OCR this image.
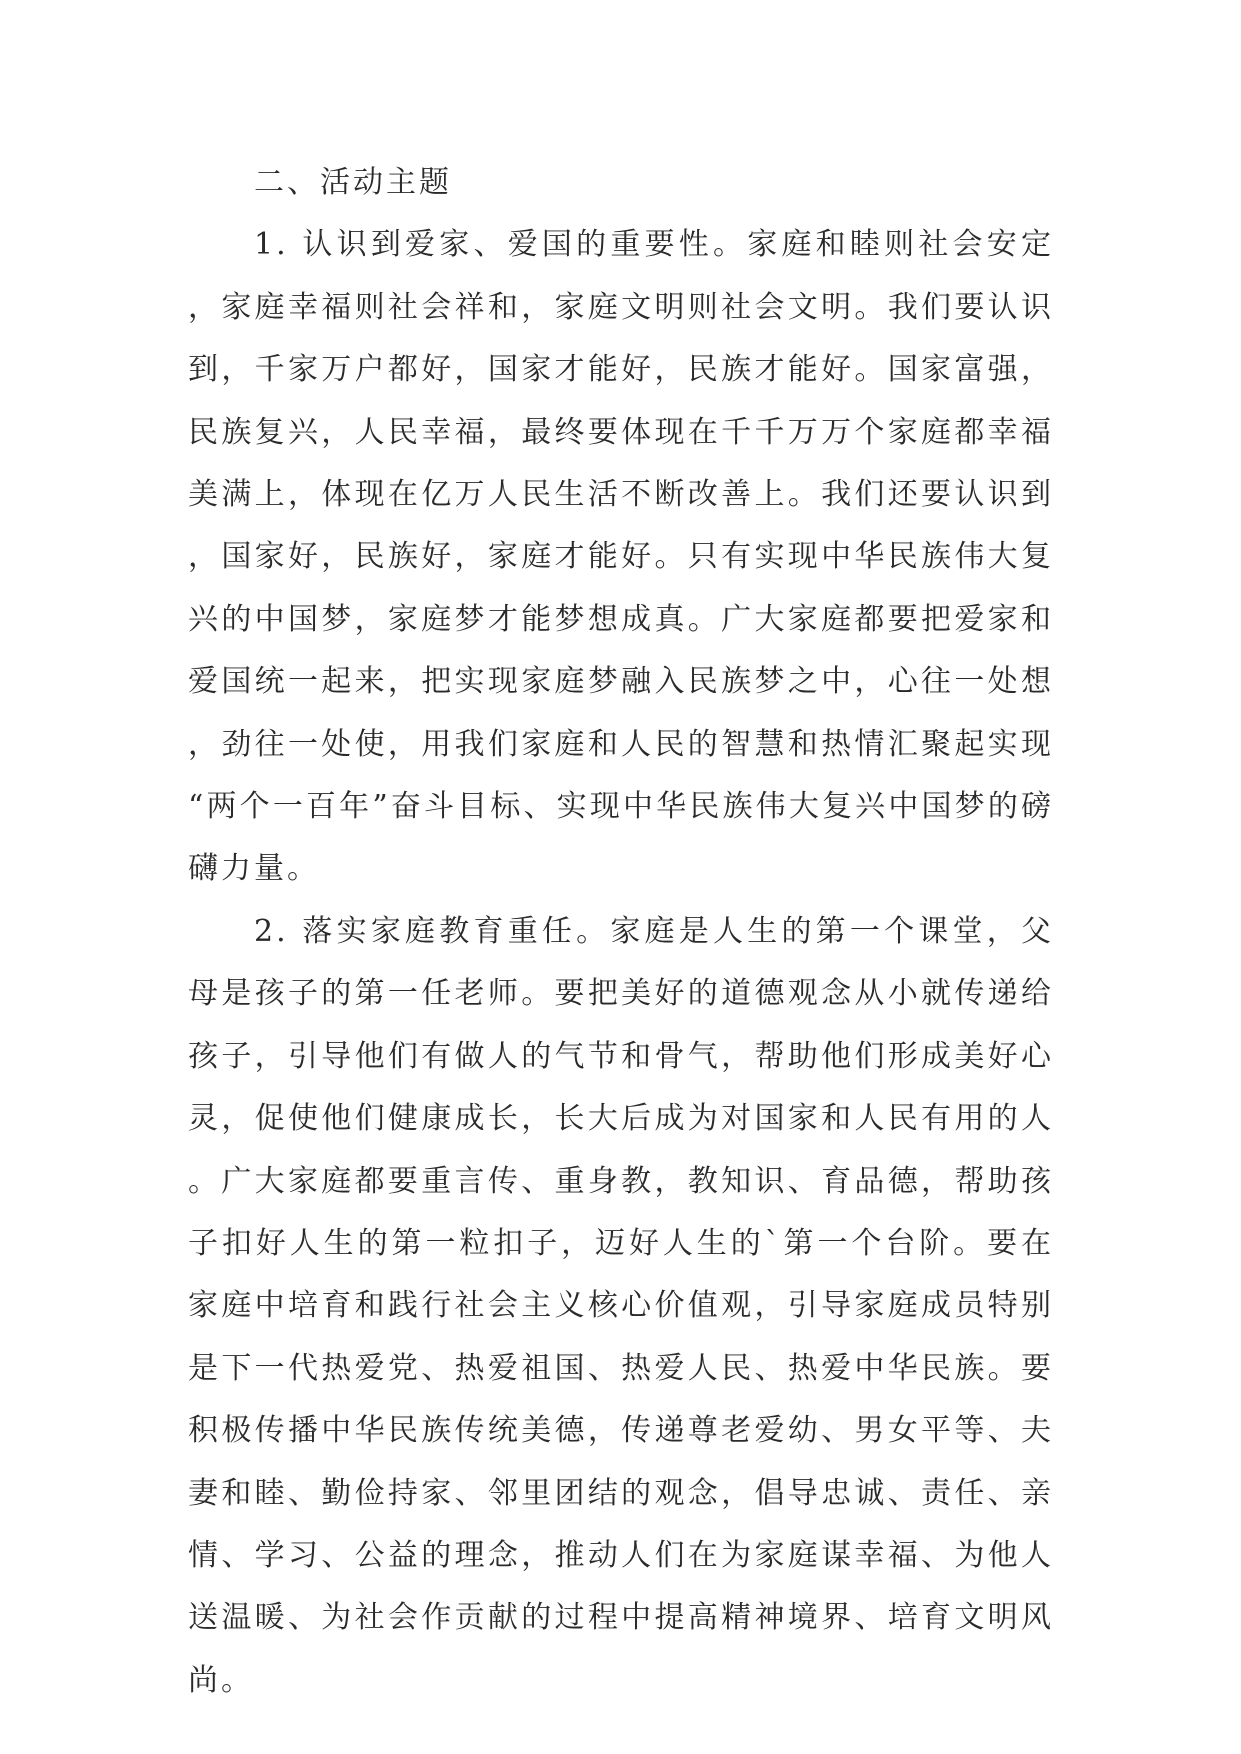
二、活动主题

1. 认识到爱家、爱国的重要性。家庭和睦则社会安定，家庭幸福则社会祥和，家庭文明则社会文明。我们要认识到，千家万户都好，国家才能好，民族才能好。国家富强，民族复兴，人民幸福，最终要体现在千千万万个家庭都幸福美满上，体现在亿万人民生活不断改善上。我们还要认识到，国家好，民族好，家庭才能好。只有实现中华民族伟大复兴的中国梦，家庭梦才能梦想成真。广大家庭都要把爱家和爱国统一起来，把实现家庭梦融入民族梦之中，心往一处想，劲往一处使，用我们家庭和人民的智慧和热情汇聚起实现“两个一百年”奋斗目标、实现中华民族伟大复兴中国梦的磅礴力量。

2. 落实家庭教育重任。家庭是人生的第一个课堂，父母是孩子的第一任老师。要把美好的道德观念从小就传递给孩子，引导他们有做人的气节和骨气，帮助他们形成美好心灵，促使他们健康成长，长大后成为对国家和人民有用的人。广大家庭都要重言传、重身教，教知识、育品德，帮助孩子扣好人生的第一粒扣子，迈好人生的`第一个台阶。要在家庭中培育和践行社会主义核心价值观，引导家庭成员特别是下一代热爱党、热爱祖国、热爱人民、热爱中华民族。要积极传播中华民族传统美德，传递尊老爱幼、男女平等、夫妻和睦、勤俭持家、邻里团结的观念，倡导忠诚、责任、亲情、学习、公益的理念，推动人们在为家庭谋幸福、为他人送温暖、为社会作贡献的过程中提高精神境界、培育文明风尚。
